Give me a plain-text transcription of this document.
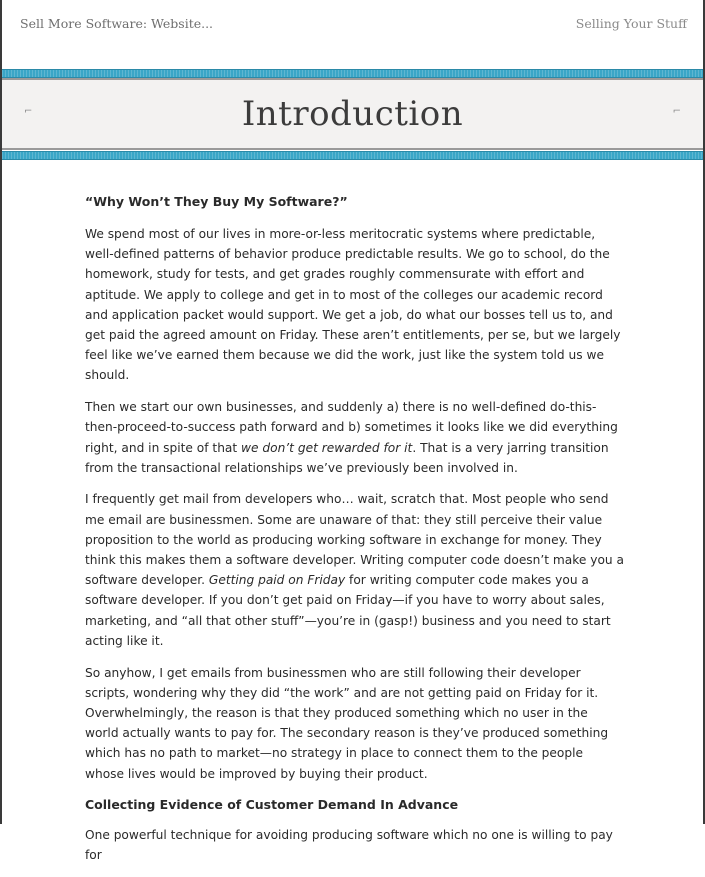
Sell More Software: Website...	Selling Your Stuff
⌐	Introduction	⌐
“Why Won’t They Buy My Software?”

We spend most of our lives in more-or-less meritocratic systems where predictable, well-defined patterns of behavior produce predictable results. We go to school, do the homework, study for tests, and get grades roughly commensurate with effort and aptitude. We apply to college and get in to most of the colleges our academic record and application packet would support. We get a job, do what our bosses tell us to, and get paid the agreed amount on Friday. These aren’t entitlements, per se, but we largely feel like we’ve earned them because we did the work, just like the system told us we should.

Then we start our own businesses, and suddenly a) there is no well-defined do-this-then-proceed-to-success path forward and b) sometimes it looks like we did everything right, and in spite of that we don’t get rewarded for it. That is a very jarring transition from the transactional relationships we’ve previously been involved in.

I frequently get mail from developers who… wait, scratch that. Most people who send me email are businessmen. Some are unaware of that: they still perceive their value proposition to the world as producing working software in exchange for money. They think this makes them a software developer. Writing computer code doesn’t make you a software developer. Getting paid on Friday for writing computer code makes you a software developer. If you don’t get paid on Friday—if you have to worry about sales, marketing, and “all that other stuff”—you’re in (gasp!) business and you need to start acting like it.

So anyhow, I get emails from businessmen who are still following their developer scripts, wondering why they did “the work” and are not getting paid on Friday for it. Overwhelmingly, the reason is that they produced something which no user in the world actually wants to pay for. The secondary reason is they’ve produced something which has no path to market—no strategy in place to connect them to the people whose lives would be improved by buying their product.

Collecting Evidence of Customer Demand In Advance

One powerful technique for avoiding producing software which no one is willing to pay for
